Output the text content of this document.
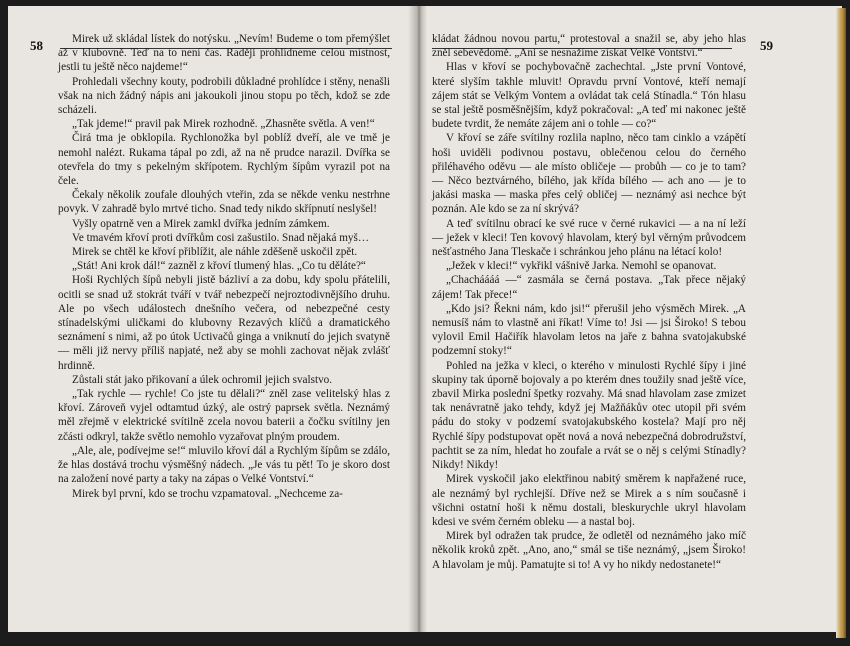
58	59

Mirek už skládal lístek do notýsku. „Nevím! Budeme o tom přemýšlet až v klubovně. Teď na to není čas. Raději prohlídneme celou místnost, jestli tu ještě něco najdeme!“

Prohledali všechny kouty, podrobili důkladné prohlídce i stěny, nenašli však na nich žádný nápis ani jakoukoli jinou stopu po těch, kdož se zde scházeli.

„Tak jdeme!“ pravil pak Mirek rozhodně. „Zhasněte světla. A ven!“

Čirá tma je obklopila. Rychlonožka byl poblíž dveří, ale ve tmě je nemohl nalézt. Rukama tápal po zdi, až na ně prudce narazil. Dvířka se otevřela do tmy s pekelným skřípotem. Rychlým šípům vyrazil pot na čele.

Čekaly několik zoufale dlouhých vteřin, zda se někde venku nestrhne povyk. V zahradě bylo mrtvé ticho. Snad tedy nikdo skřípnutí neslyšel!

Vyšly opatrně ven a Mirek zamkl dvířka jedním zámkem.

Ve tmavém křoví proti dvířkům cosi zašustilo. Snad nějaká myš…

Mirek se chtěl ke křoví přiblížit, ale náhle zděšeně uskočil zpět.

„Stát! Ani krok dál!“ zazněl z křoví tlumený hlas. „Co tu děláte?“

Hoši Rychlých šípů nebyli jistě bázliví a za dobu, kdy spolu přátelili, ocitli se snad už stokrát tváří v tvář nebezpečí nejroztodivnějšího druhu. Ale po všech událostech dnešního večera, od nebezpečné cesty stínadelskými uličkami do klubovny Rezavých klíčů a dramatického seznámení s nimi, až po útok Uctivačů ginga a vniknutí do jejich svatyně — měli již nervy příliš napjaté, než aby se mohli zachovat nějak zvlášť hrdinně.

Zůstali stát jako přikovaní a úlek ochromil jejich svalstvo.

„Tak rychle — rychle! Co jste tu dělali?“ zněl zase velitelský hlas z křoví. Zároveň vyjel odtamtud úzký, ale ostrý paprsek světla. Neznámý měl zřejmě v elektrické svítilně zcela novou baterii a čočku svítilny jen zčásti odkryl, takže světlo nemohlo vyzařovat plným proudem.

„Ale, ale, podívejme se!“ mluvilo křoví dál a Rychlým šípům se zdálo, že hlas dostává trochu výsměšný nádech. „Je vás tu pět! To je skoro dost na založení nové party a taky na zápas o Velké Vontství.“

Mirek byl první, kdo se trochu vzpamatoval. „Nechceme za-

kládat žádnou novou partu,“ protestoval a snažil se, aby jeho hlas zněl sebevědomě. „Ani se nesnažíme získat Velké Vontství.“

Hlas v křoví se pochybovačně zachechtal. „Jste první Vontové, které slyším takhle mluvit! Opravdu první Vontové, kteří nemají zájem stát se Velkým Vontem a ovládat tak celá Stínadla.“ Tón hlasu se stal ještě posměšnějším, když pokračoval: „A teď mi nakonec ještě budete tvrdit, že nemáte zájem ani o tohle — co?“

V křoví se záře svítilny rozlila naplno, něco tam cinklo a vzápětí hoši uviděli podivnou postavu, oblečenou celou do černého přiléhavého oděvu — ale místo obličeje — probůh — co je to tam? — Něco beztvárného, bílého, jak křída bílého — ach ano — je to jakási maska — maska přes celý obličej — neznámý asi nechce být poznán. Ale kdo se za ní skrývá?

A teď svítilnu obrací ke své ruce v černé rukavici — a na ní leží — ježek v kleci! Ten kovový hlavolam, který byl věrným průvodcem nešťastného Jana Tleskače i schránkou jeho plánu na létací kolo!

„Ježek v kleci!“ vykřikl vášnivě Jarka. Nemohl se opanovat.

„Chacháááá —“ zasmála se černá postava. „Tak přece nějaký zájem! Tak přece!“

„Kdo jsi? Řekni nám, kdo jsi!“ přerušil jeho výsměch Mirek. „A nemusíš nám to vlastně ani říkat! Víme to! Jsi — jsi Široko! S tebou vylovil Emil Hačiřík hlavolam letos na jaře z bahna svatojakubské podzemní stoky!“

Pohled na ježka v kleci, o kterého v minulosti Rychlé šípy i jiné skupiny tak úporně bojovaly a po kterém dnes toužily snad ještě více, zbavil Mirka poslední špetky rozvahy. Má snad hlavolam zase zmizet tak nenávratně jako tehdy, když jej Mažňákův otec utopil při svém pádu do stoky v podzemí svatojakubského kostela? Mají pro něj Rychlé šípy podstupovat opět nová a nová nebezpečná dobrodružství, pachtit se za ním, hledat ho zoufale a rvát se o něj s celými Stínadly? Nikdy! Nikdy!

Mirek vyskočil jako elektřinou nabitý směrem k napřažené ruce, ale neznámý byl rychlejší. Dříve než se Mirek a s ním současně i všichni ostatní hoši k němu dostali, bleskurychle ukryl hlavolam kdesi ve svém černém obleku — a nastal boj.

Mirek byl odražen tak prudce, že odletěl od neznámého jako míč několik kroků zpět. „Ano, ano,“ smál se tiše neznámý, „jsem Široko! A hlavolam je můj. Pamatujte si to! A vy ho nikdy nedostanete!“
